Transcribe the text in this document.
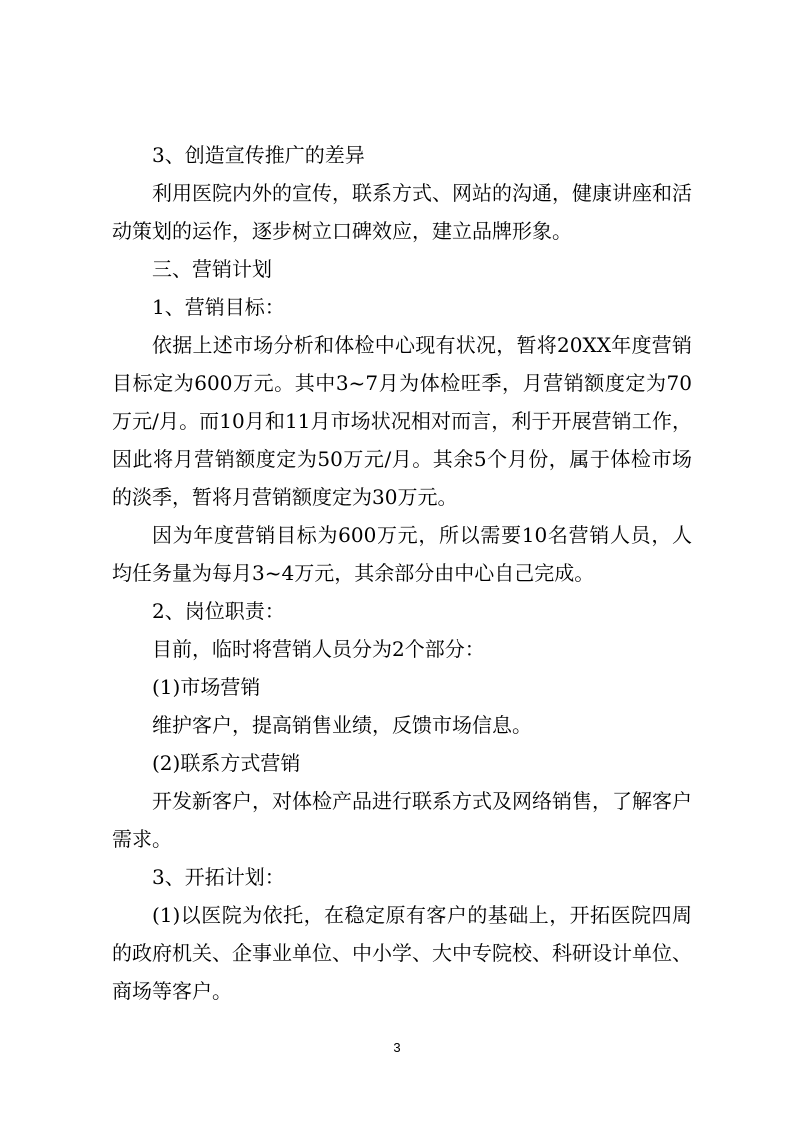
3、创造宣传推广的差异

利用医院内外的宣传，联系方式、网站的沟通，健康讲座和活动策划的运作，逐步树立口碑效应，建立品牌形象。

三、营销计划

1、营销目标：

依据上述市场分析和体检中心现有状况，暂将20XX年度营销目标定为600万元。其中3~7月为体检旺季，月营销额度定为70万元/月。而10月和11月市场状况相对而言，利于开展营销工作，因此将月营销额度定为50万元/月。其余5个月份，属于体检市场的淡季，暂将月营销额度定为30万元。

因为年度营销目标为600万元，所以需要10名营销人员，人均任务量为每月3~4万元，其余部分由中心自己完成。

2、岗位职责：

目前，临时将营销人员分为2个部分：

(1)市场营销

维护客户，提高销售业绩，反馈市场信息。

(2)联系方式营销

开发新客户，对体检产品进行联系方式及网络销售，了解客户需求。

3、开拓计划：

(1)以医院为依托，在稳定原有客户的基础上，开拓医院四周的政府机关、企事业单位、中小学、大中专院校、科研设计单位、商场等客户。

3
